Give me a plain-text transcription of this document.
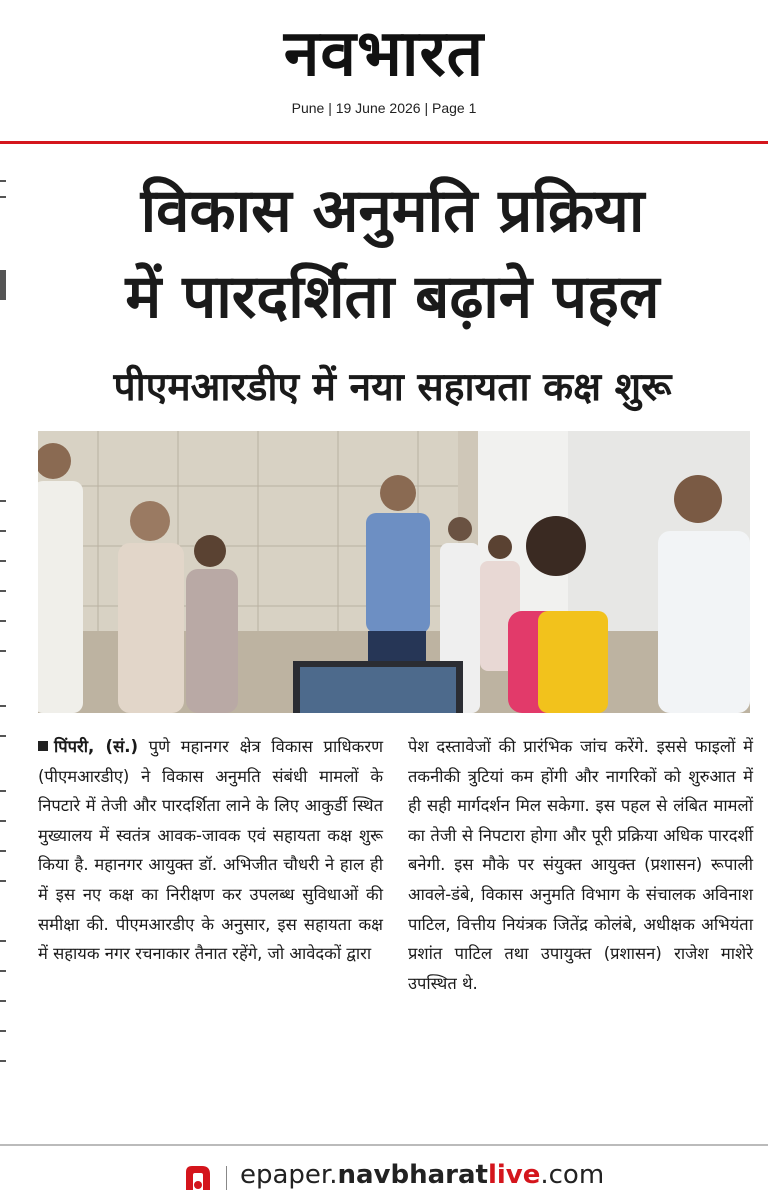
नवभारत
Pune | 19 June 2026 | Page 1
विकास अनुमति प्रक्रिया
में पारदर्शिता बढ़ाने पहल
पीएमआरडीए में नया सहायता कक्ष शुरू

पिंपरी, (सं.) पुणे महानगर क्षेत्र विकास प्राधिकरण (पीएमआरडीए) ने विकास अनुमति संबंधी मामलों के निपटारे में तेजी और पारदर्शिता लाने के लिए आकुर्डी स्थित मुख्यालय में स्वतंत्र आवक-जावक एवं सहायता कक्ष शुरू किया है. महानगर आयुक्त डॉ. अभिजीत चौधरी ने हाल ही में इस नए कक्ष का निरीक्षण कर उपलब्ध सुविधाओं की समीक्षा की. पीएमआरडीए के अनुसार, इस सहायता कक्ष में सहायक नगर रचनाकार तैनात रहेंगे, जो आवेदकों द्वारा

पेश दस्तावेजों की प्रारंभिक जांच करेंगे. इससे फाइलों में तकनीकी त्रुटियां कम होंगी और नागरिकों को शुरुआत में ही सही मार्गदर्शन मिल सकेगा. इस पहल से लंबित मामलों का तेजी से निपटारा होगा और पूरी प्रक्रिया अधिक पारदर्शी बनेगी. इस मौके पर संयुक्त आयुक्त (प्रशासन) रूपाली आवले-डंबे, विकास अनुमति विभाग के संचालक अविनाश पाटिल, वित्तीय नियंत्रक जितेंद्र कोलंबे, अधीक्षक अभियंता प्रशांत पाटिल तथा उपायुक्त (प्रशासन) राजेश माशेरे उपस्थित थे.

epaper.navbharatlive.com
